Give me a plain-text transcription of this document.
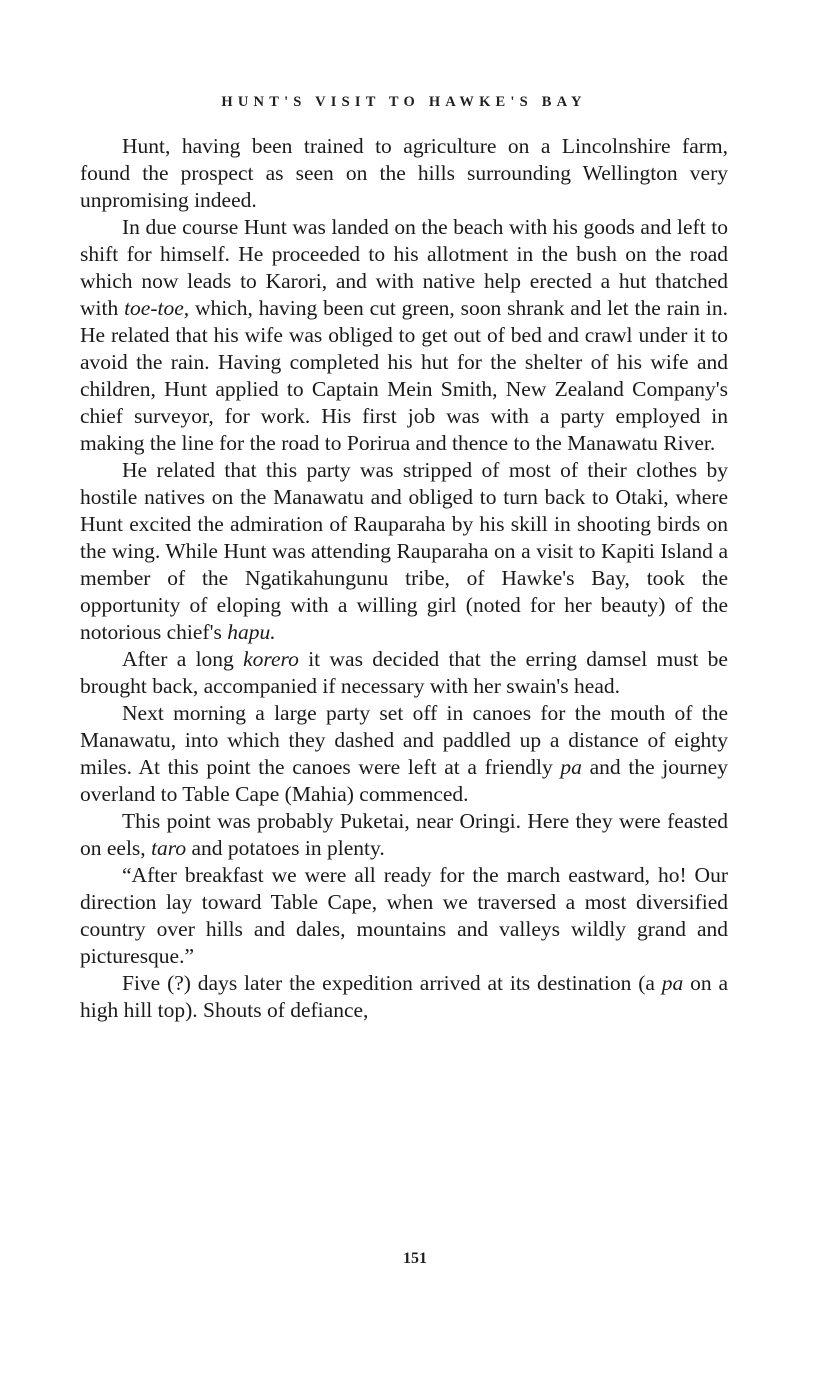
HUNT'S VISIT TO HAWKE'S BAY

Hunt, having been trained to agriculture on a Lincolnshire farm, found the prospect as seen on the hills surrounding Wellington very unpromising indeed.

In due course Hunt was landed on the beach with his goods and left to shift for himself. He proceeded to his allotment in the bush on the road which now leads to Karori, and with native help erected a hut thatched with toe-toe, which, having been cut green, soon shrank and let the rain in. He related that his wife was obliged to get out of bed and crawl under it to avoid the rain. Having completed his hut for the shelter of his wife and children, Hunt applied to Captain Mein Smith, New Zealand Company's chief surveyor, for work. His first job was with a party employed in making the line for the road to Porirua and thence to the Manawatu River.

He related that this party was stripped of most of their clothes by hostile natives on the Manawatu and obliged to turn back to Otaki, where Hunt excited the admiration of Rauparaha by his skill in shooting birds on the wing. While Hunt was attending Rauparaha on a visit to Kapiti Island a member of the Ngatikahungunu tribe, of Hawke's Bay, took the opportunity of eloping with a willing girl (noted for her beauty) of the notorious chief's hapu.

After a long korero it was decided that the erring damsel must be brought back, accompanied if necessary with her swain's head.

Next morning a large party set off in canoes for the mouth of the Manawatu, into which they dashed and paddled up a distance of eighty miles. At this point the canoes were left at a friendly pa and the journey overland to Table Cape (Mahia) commenced.

This point was probably Puketai, near Oringi. Here they were feasted on eels, taro and potatoes in plenty.

“After breakfast we were all ready for the march eastward, ho! Our direction lay toward Table Cape, when we traversed a most diversified country over hills and dales, mountains and valleys wildly grand and picturesque.”

Five (?) days later the expedition arrived at its destination (a pa on a high hill top). Shouts of defiance,

151
